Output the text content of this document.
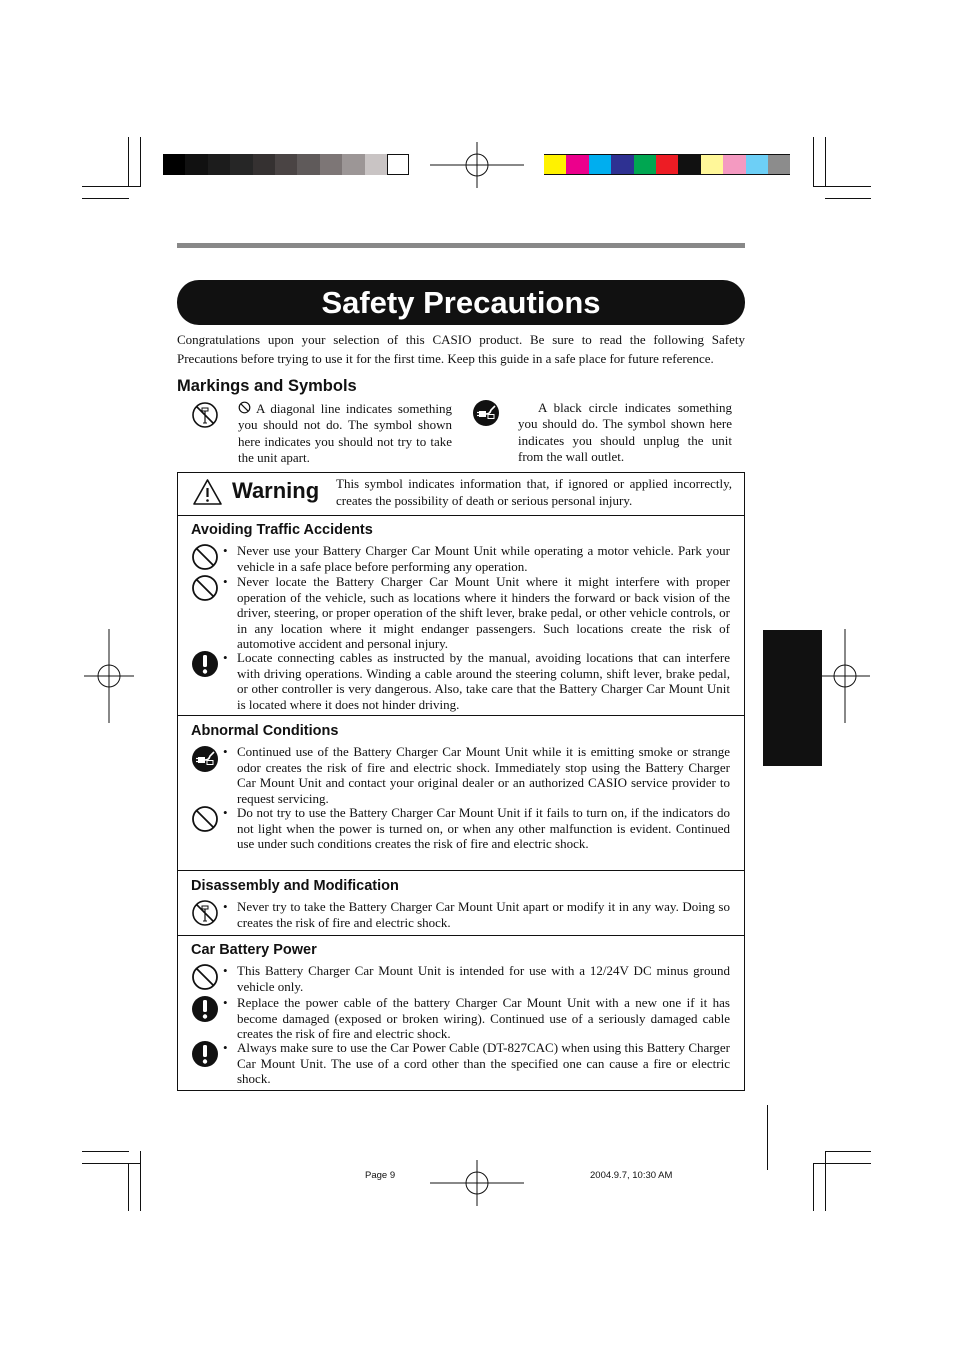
Safety Precautions
Congratulations upon your selection of this CASIO product. Be sure to read the following Safety Precautions before trying to use it for the first time. Keep this guide in a safe place for future reference.
Markings and Symbols
A diagonal line indicates something you should not do. The symbol shown here indicates you should not try to take the unit apart.
A black circle indicates something you should do. The symbol shown here indicates you should unplug the unit from the wall outlet.
Warning This symbol indicates information that, if ignored or applied incorrectly, creates the possibility of death or serious personal injury.
Avoiding Traffic Accidents
• Never use your Battery Charger Car Mount Unit while operating a motor vehicle. Park your vehicle in a safe place before performing any operation.
• Never locate the Battery Charger Car Mount Unit where it might interfere with proper operation of the vehicle, such as locations where it hinders the forward or back vision of the driver, steering, or proper operation of the shift lever, brake pedal, or other vehicle controls, or in any location where it might endanger passengers. Such locations create the risk of automotive accident and personal injury.
• Locate connecting cables as instructed by the manual, avoiding locations that can interfere with driving operations. Winding a cable around the steering column, shift lever, brake pedal, or other controller is very dangerous. Also, take care that the Battery Charger Car Mount Unit is located where it does not hinder driving.
Abnormal Conditions
• Continued use of the Battery Charger Car Mount Unit while it is emitting smoke or strange odor creates the risk of fire and electric shock. Immediately stop using the Battery Charger Car Mount Unit and contact your original dealer or an authorized CASIO service provider to request servicing.
• Do not try to use the Battery Charger Car Mount Unit if it fails to turn on, if the indicators do not light when the power is turned on, or when any other malfunction is evident. Continued use under such conditions creates the risk of fire and electric shock.
Disassembly and Modification
• Never try to take the Battery Charger Car Mount Unit apart or modify it in any way. Doing so creates the risk of fire and electric shock.
Car Battery Power
• This Battery Charger Car Mount Unit is intended for use with a 12/24V DC minus ground vehicle only.
• Replace the power cable of the battery Charger Car Mount Unit with a new one if it has become damaged (exposed or broken wiring). Continued use of a seriously damaged cable creates the risk of fire and electric shock.
• Always make sure to use the Car Power Cable (DT-827CAC) when using this Battery Charger Car Mount Unit. The use of a cord other than the specified one can cause a fire or electric shock.
Page 9	2004.9.7, 10:30 AM
